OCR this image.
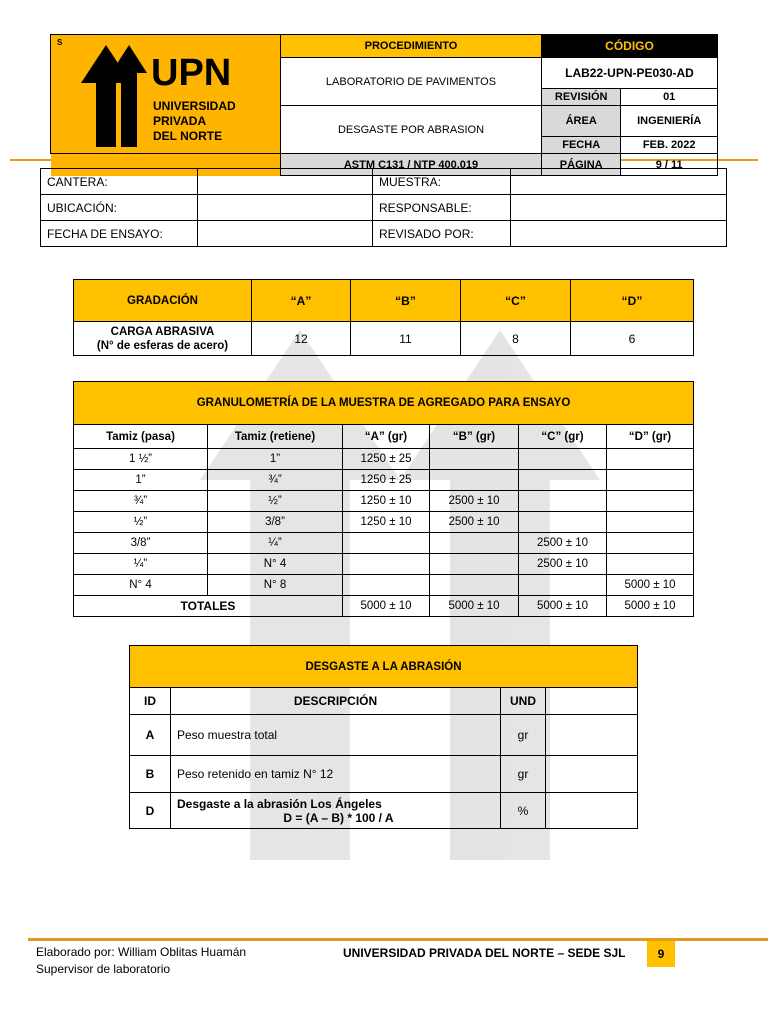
S
UPN
UNIVERSIDAD
PRIVADA
DEL NORTE	PROCEDIMIENTO	CÓDIGO	
	LABORATORIO DE PAVIMENTOS	LAB22-UPN-PE030-AD	
		REVISIÓN	01
	DESGASTE POR ABRASION	ÁREA	INGENIERÍA
		FECHA	FEB. 2022
	ASTM C131 / NTP 400.019	PÁGINA	9 / 11
CANTERA:		MUESTRA:	
UBICACIÓN:		RESPONSABLE:	
FECHA DE ENSAYO:		REVISADO POR:	
GRADACIÓN	“A”	“B”	“C”	“D”

CARGA ABRASIVA
(N° de esferas de acero)	12	11	8	6
GRANULOMETRÍA DE LA MUESTRA DE AGREGADO PARA ENSAYO					
Tamiz (pasa)	Tamiz (retiene)	“A” (gr)	“B” (gr)	“C” (gr)	“D” (gr)
1 ½”	1”	1250 ± 25			
1”	¾”	1250 ± 25			
¾”	½”	1250 ± 10	2500 ± 10		
½”	3/8”	1250 ± 10	2500 ± 10		
3/8”	¼”			2500 ± 10	
¼”	N° 4			2500 ± 10	
N° 4	N° 8				5000 ± 10
TOTALES		5000 ± 10	5000 ± 10	5000 ± 10	5000 ± 10
DESGASTE A LA ABRASIÓN			
ID	DESCRIPCIÓN	UND	
A	Peso muestra total	gr	
B	Peso retenido en tamiz N° 12	gr	
D	Desgaste a la abrasión Los Ángeles
D = (A – B) * 100 / A	%	
Elaborado por: William Oblitas Huamán
Supervisor de laboratorio
UNIVERSIDAD PRIVADA DEL NORTE – SEDE SJL	9
